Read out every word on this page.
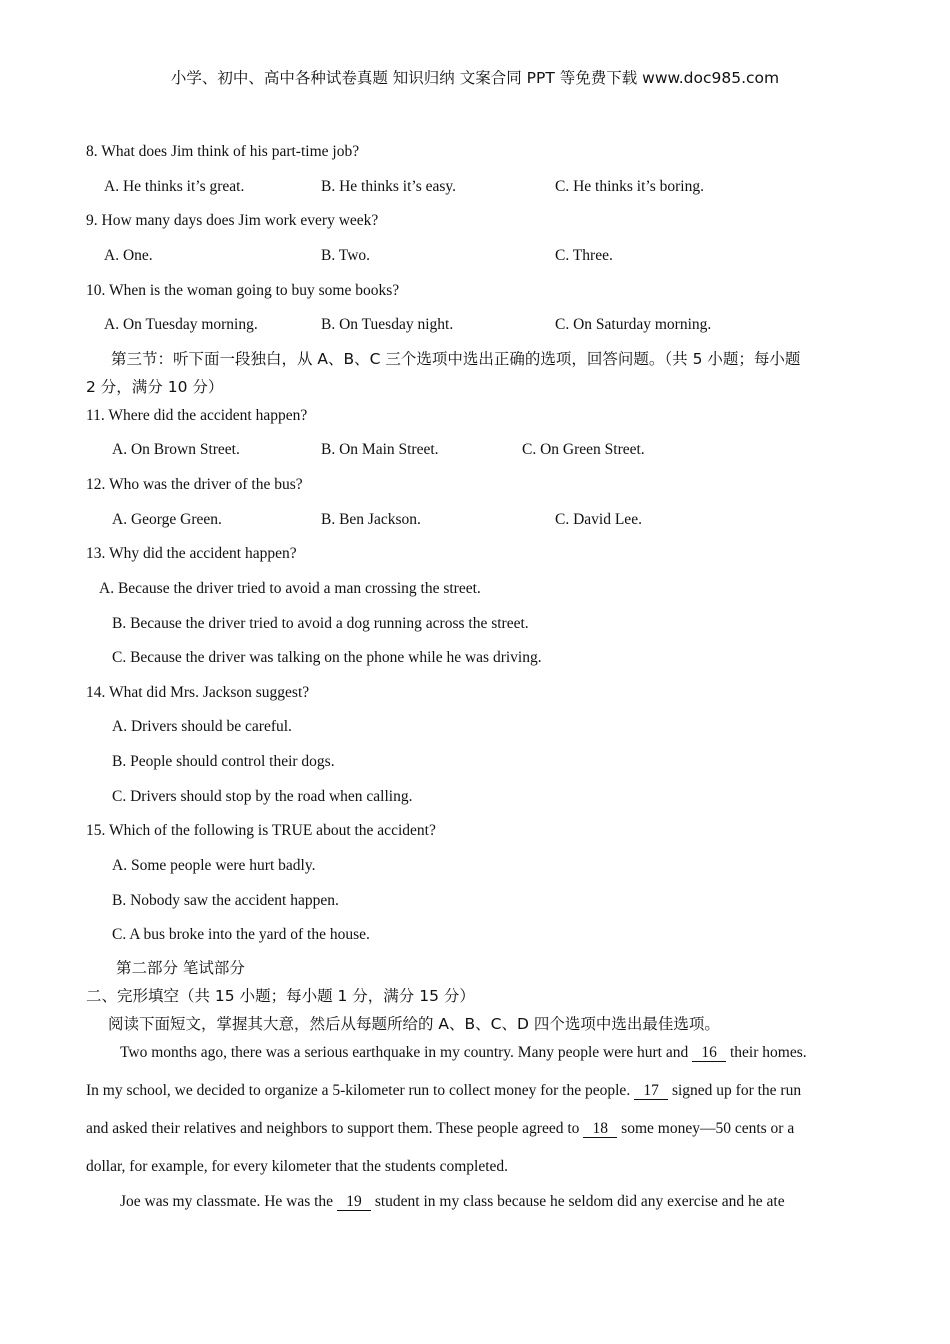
小学、初中、高中各种试卷真题 知识归纳 文案合同 PPT 等免费下载 www.doc985.com
8. What does Jim think of his part-time job?
A. He thinks it’s great.	B. He thinks it’s easy.	C. He thinks it’s boring.
9. How many days does Jim work every week?
A. One.	B. Two.	C. Three.
10. When is the woman going to buy some books?
A. On Tuesday morning.	B. On Tuesday night.	C. On Saturday morning.
第三节：听下面一段独白，从 A、B、C 三个选项中选出正确的选项，回答问题。（共 5 小题；每小题
2 分，满分 10 分）
11. Where did the accident happen?
A. On Brown Street.	B. On Main Street.	C. On Green Street.
12. Who was the driver of the bus?
A. George Green.	B. Ben Jackson.	C. David Lee.
13. Why did the accident happen?
A. Because the driver tried to avoid a man crossing the street.
B. Because the driver tried to avoid a dog running across the street.
C. Because the driver was talking on the phone while he was driving.
14. What did Mrs. Jackson suggest?
A. Drivers should be careful.
B. People should control their dogs.
C. Drivers should stop by the road when calling.
15. Which of the following is TRUE about the accident?
A. Some people were hurt badly.
B. Nobody saw the accident happen.
C. A bus broke into the yard of the house.
第二部分 笔试部分
二、完形填空（共 15 小题；每小题 1 分，满分 15 分）
阅读下面短文，掌握其大意，然后从每题所给的 A、B、C、D 四个选项中选出最佳选项。
Two months ago, there was a serious earthquake in my country. Many people were hurt and 16 their homes.
In my school, we decided to organize a 5-kilometer run to collect money for the people. 17 signed up for the run
and asked their relatives and neighbors to support them. These people agreed to 18 some money—50 cents or a
dollar, for example, for every kilometer that the students completed.
Joe was my classmate. He was the 19 student in my class because he seldom did any exercise and he ate
